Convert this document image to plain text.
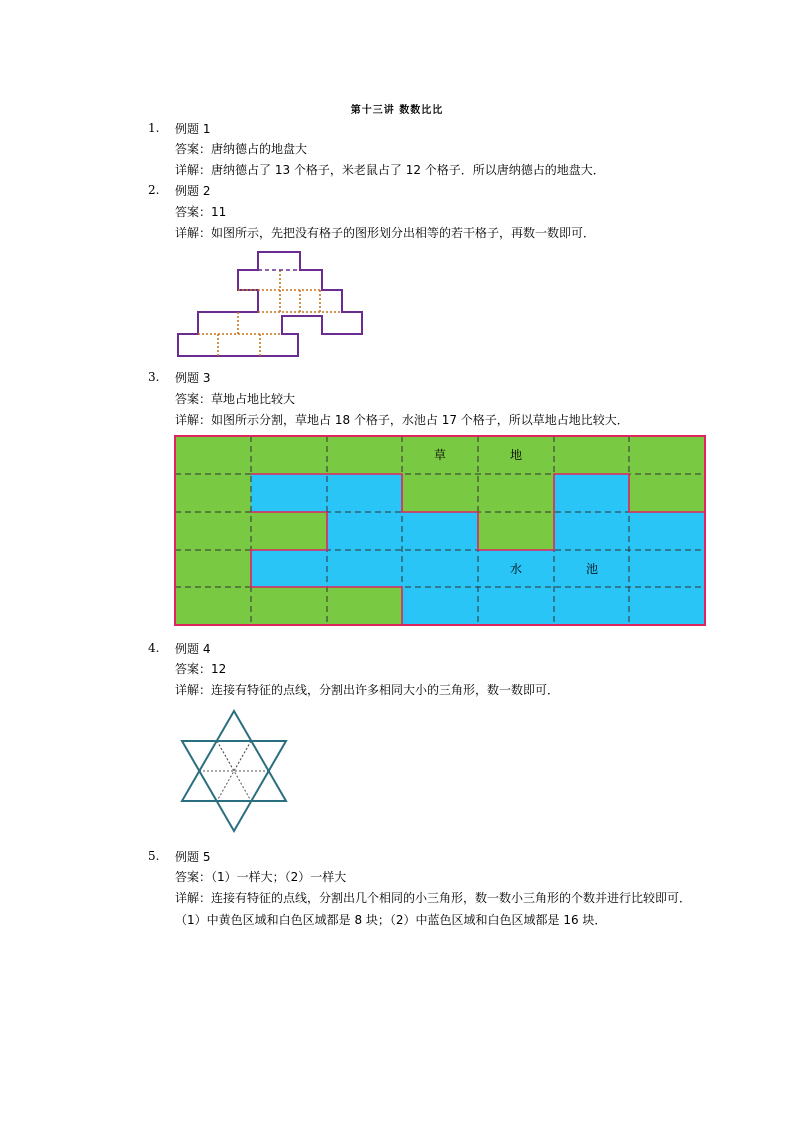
第十三讲 数数比比
1. 例题 1
答案：唐纳德占的地盘大
详解：唐纳德占了 13 个格子，米老鼠占了 12 个格子．所以唐纳德占的地盘大．
2. 例题 2
答案：11
详解：如图所示，先把没有格子的图形划分出相等的若干格子，再数一数即可．
3. 例题 3
答案：草地占地比较大
详解：如图所示分割，草地占 18 个格子，水池占 17 个格子，所以草地占地比较大．
草	地
水	池
4. 例题 4
答案：12
详解：连接有特征的点线，分割出许多相同大小的三角形，数一数即可．
5. 例题 5
答案：（1）一样大；（2）一样大
详解：连接有特征的点线，分割出几个相同的小三角形，数一数小三角形的个数并进行比较即可．（1）中黄色区域和白色区域都是 8 块；（2）中蓝色区域和白色区域都是 16 块．
